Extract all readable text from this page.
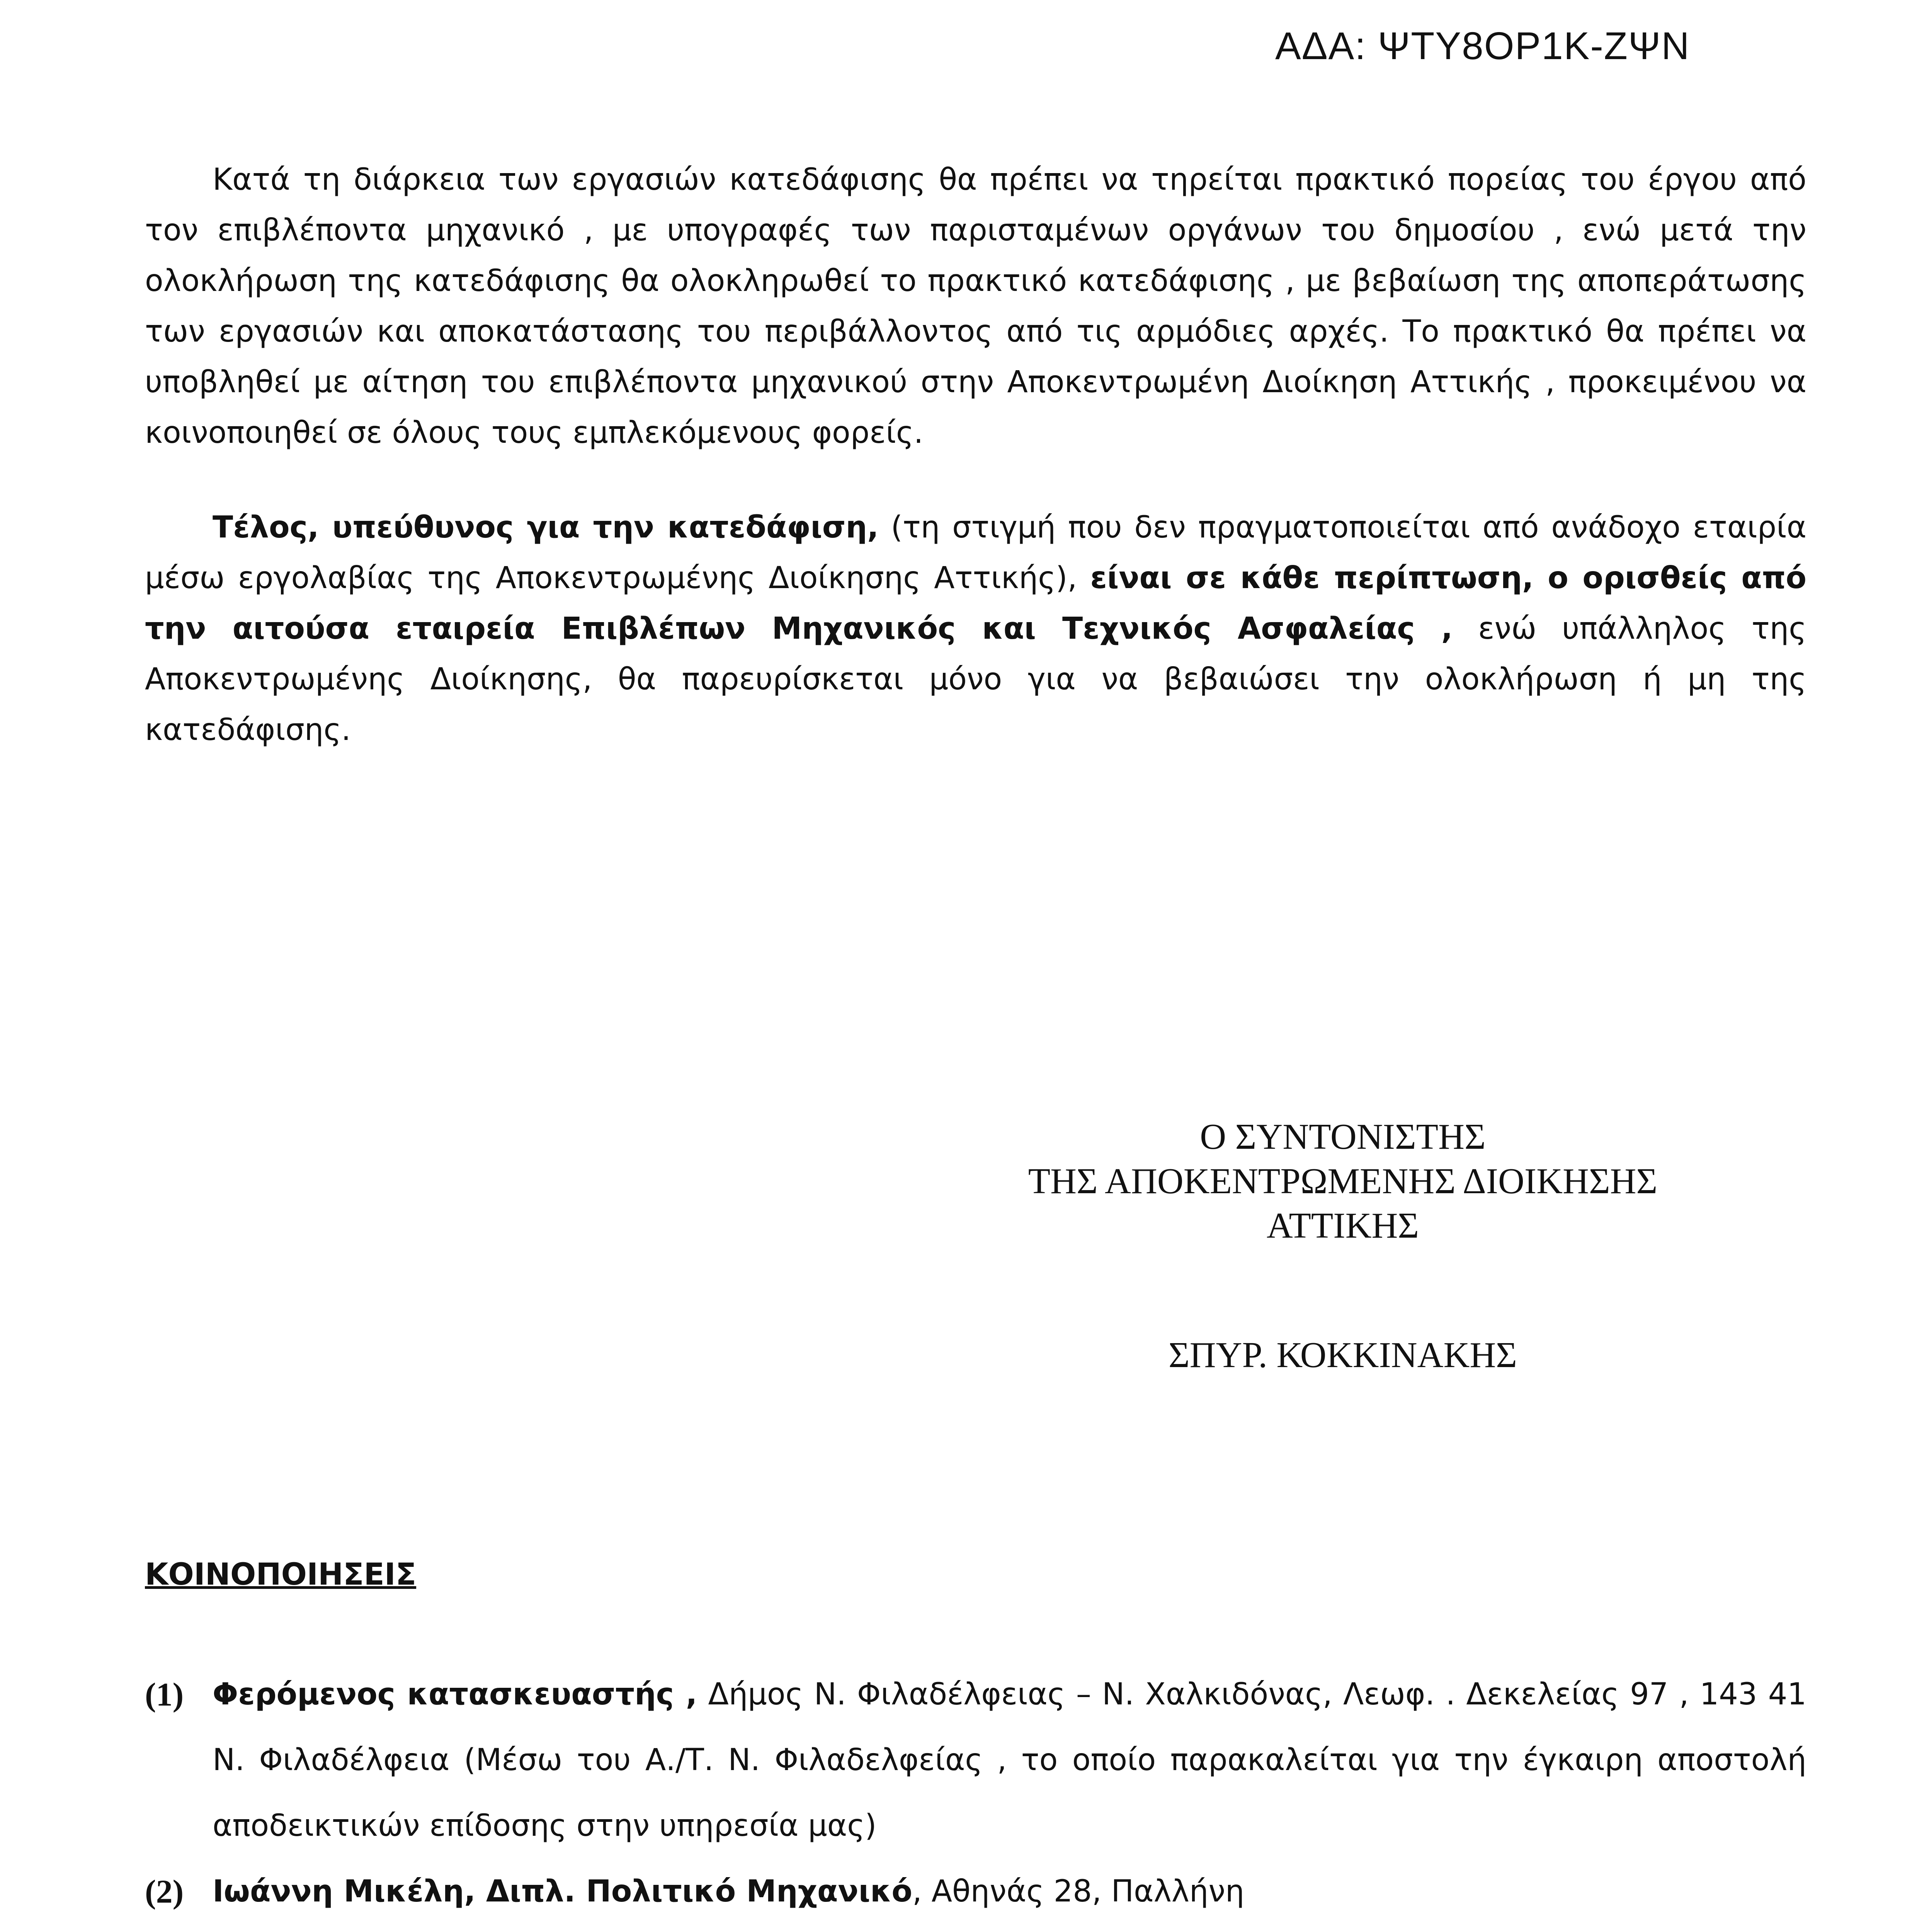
ΑΔΑ: ΨΤΥ8ΟΡ1Κ-ΖΨΝ

Κατά τη διάρκεια των εργασιών κατεδάφισης θα πρέπει να τηρείται πρακτικό πορείας του έργου από τον επιβλέποντα μηχανικό , με υπογραφές των παρισταμένων οργάνων του δημοσίου , ενώ μετά την ολοκλήρωση της κατεδάφισης θα ολοκληρωθεί το πρακτικό κατεδάφισης , με βεβαίωση της αποπεράτωσης των εργασιών και αποκατάστασης του περιβάλλοντος από τις αρμόδιες αρχές. Το πρακτικό θα πρέπει να υποβληθεί με αίτηση του επιβλέποντα μηχανικού στην Αποκεντρωμένη Διοίκηση Αττικής , προκειμένου να κοινοποιηθεί σε όλους τους εμπλεκόμενους φορείς.

Τέλος, υπεύθυνος για την κατεδάφιση, (τη στιγμή που δεν πραγματοποιείται από ανάδοχο εταιρία μέσω εργολαβίας της Αποκεντρωμένης Διοίκησης Αττικής), είναι σε κάθε περίπτωση, ο ορισθείς από την αιτούσα εταιρεία Επιβλέπων Μηχανικός και Τεχνικός Ασφαλείας , ενώ υπάλληλος της Αποκεντρωμένης Διοίκησης, θα παρευρίσκεται μόνο για να βεβαιώσει την ολοκλήρωση ή μη της κατεδάφισης.

Ο ΣΥΝΤΟΝΙΣΤΗΣ
ΤΗΣ ΑΠΟΚΕΝΤΡΩΜΕΝΗΣ ΔΙΟΙΚΗΣΗΣ
ΑΤΤΙΚΗΣ
ΣΠΥΡ. ΚΟΚΚΙΝΑΚΗΣ
ΚΟΙΝΟΠΟΙΗΣΕΙΣ
(1) Φερόμενος κατασκευαστής , Δήμος Ν. Φιλαδέλφειας – Ν. Χαλκιδόνας, Λεωφ. . Δεκελείας 97 , 143 41 Ν. Φιλαδέλφεια (Μέσω του Α./Τ. Ν. Φιλαδελφείας , το οποίο παρακαλείται για την έγκαιρη αποστολή αποδεικτικών επίδοσης στην υπηρεσία μας)
(2) Ιωάννη Μικέλη, Διπλ. Πολιτικό Μηχανικό, Αθηνάς 28, Παλλήνη
